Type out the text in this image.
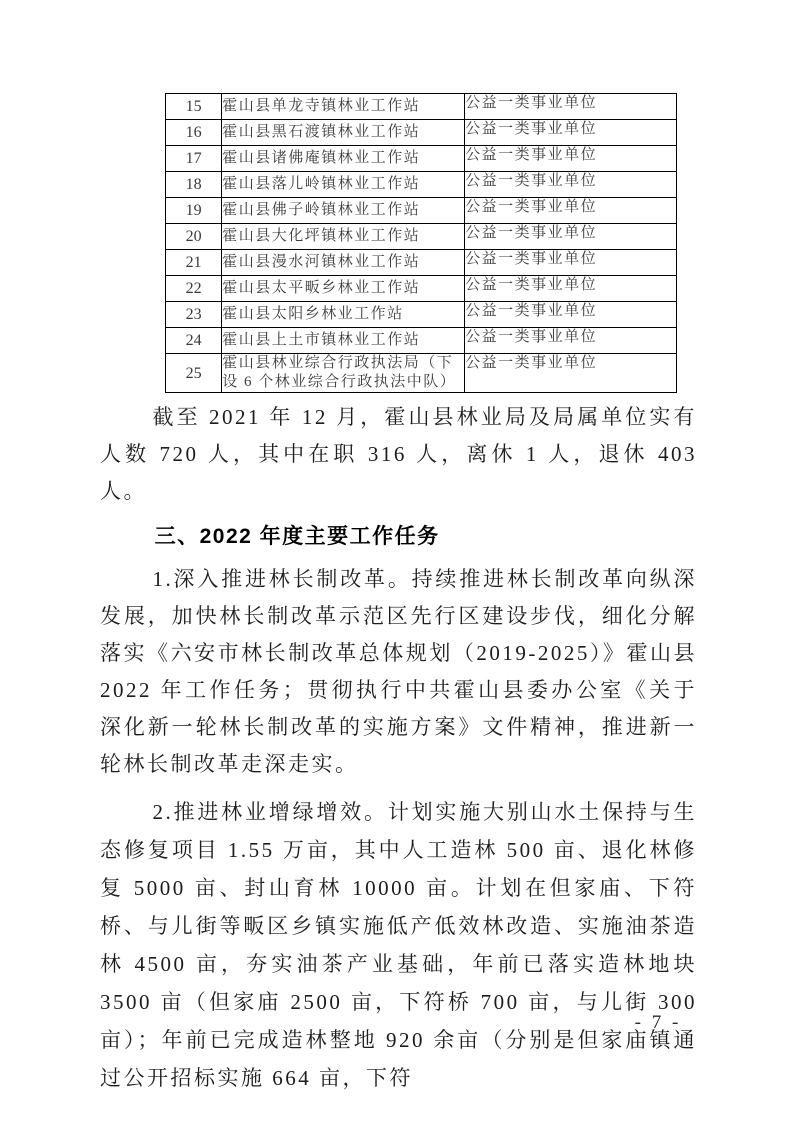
15	霍山县单龙寺镇林业工作站	公益一类事业单位
16	霍山县黑石渡镇林业工作站	公益一类事业单位
17	霍山县诸佛庵镇林业工作站	公益一类事业单位
18	霍山县落儿岭镇林业工作站	公益一类事业单位
19	霍山县佛子岭镇林业工作站	公益一类事业单位
20	霍山县大化坪镇林业工作站	公益一类事业单位
21	霍山县漫水河镇林业工作站	公益一类事业单位
22	霍山县太平畈乡林业工作站	公益一类事业单位
23	霍山县太阳乡林业工作站	公益一类事业单位
24	霍山县上土市镇林业工作站	公益一类事业单位
25	霍山县林业综合行政执法局（下设 6 个林业综合行政执法中队）	公益一类事业单位

截至 2021 年 12 月，霍山县林业局及局属单位实有人数 720 人，其中在职 316 人，离休 1 人，退休 403 人。

三、2022 年度主要工作任务

1.深入推进林长制改革。持续推进林长制改革向纵深发展，加快林长制改革示范区先行区建设步伐，细化分解落实《六安市林长制改革总体规划（2019-2025）》霍山县 2022 年工作任务；贯彻执行中共霍山县委办公室《关于深化新一轮林长制改革的实施方案》文件精神，推进新一轮林长制改革走深走实。

2.推进林业增绿增效。计划实施大别山水土保持与生态修复项目 1.55 万亩，其中人工造林 500 亩、退化林修复 5000 亩、封山育林 10000 亩。计划在但家庙、下符桥、与儿街等畈区乡镇实施低产低效林改造、实施油茶造林 4500 亩，夯实油茶产业基础，年前已落实造林地块 3500 亩（但家庙 2500 亩，下符桥 700 亩，与儿街 300 亩）；年前已完成造林整地 920 余亩（分别是但家庙镇通过公开招标实施 664 亩，下符

- 7 -
